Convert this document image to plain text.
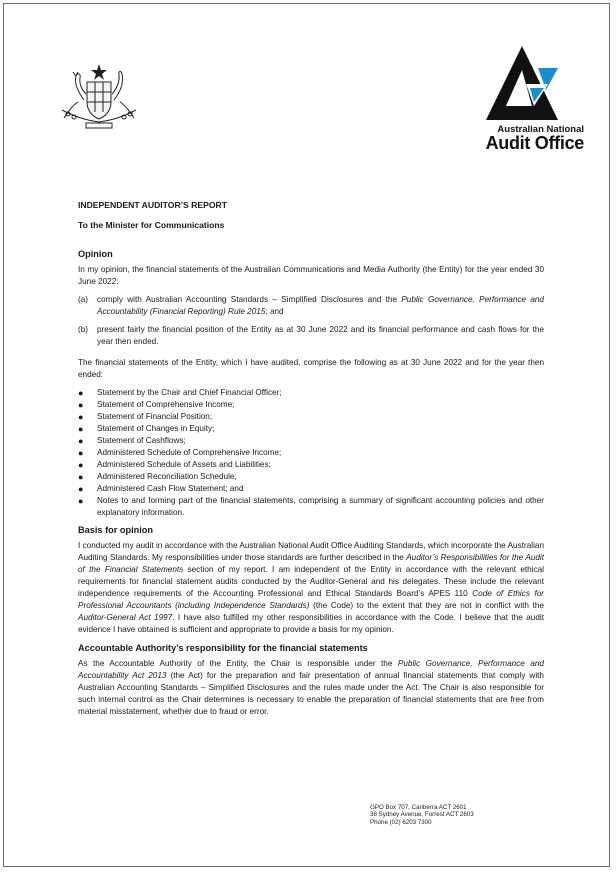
Australian National
Audit Office

INDEPENDENT AUDITOR’S REPORT

To the Minister for Communications

Opinion

In my opinion, the financial statements of the Australian Communications and Media Authority (the Entity) for the year ended 30 June 2022:

(a)	comply with Australian Accounting Standards – Simplified Disclosures and the Public Governance, Performance and Accountability (Financial Reporting) Rule 2015; and
(b)	present fairly the financial position of the Entity as at 30 June 2022 and its financial performance and cash flows for the year then ended.

The financial statements of the Entity, which I have audited, comprise the following as at 30 June 2022 and for the year then ended:

●	Statement by the Chair and Chief Financial Officer;
●	Statement of Comprehensive Income;
●	Statement of Financial Position;
●	Statement of Changes in Equity;
●	Statement of Cashflows;
●	Administered Schedule of Comprehensive Income;
●	Administered Schedule of Assets and Liabilities;
●	Administered Reconciliation Schedule;
●	Administered Cash Flow Statement; and
●	Notes to and forming part of the financial statements, comprising a summary of significant accounting policies and other explanatory information.
Basis for opinion

I conducted my audit in accordance with the Australian National Audit Office Auditing Standards, which incorporate the Australian Auditing Standards. My responsibilities under those standards are further described in the Auditor’s Responsibilities for the Audit of the Financial Statements section of my report. I am independent of the Entity in accordance with the relevant ethical requirements for financial statement audits conducted by the Auditor-General and his delegates. These include the relevant independence requirements of the Accounting Professional and Ethical Standards Board’s APES 110 Code of Ethics for Professional Accountants (including Independence Standards) (the Code) to the extent that they are not in conflict with the Auditor-General Act 1997. I have also fulfilled my other responsibilities in accordance with the Code. I believe that the audit evidence I have obtained is sufficient and appropriate to provide a basis for my opinion.

Accountable Authority’s responsibility for the financial statements

As the Accountable Authority of the Entity, the Chair is responsible under the Public Governance, Performance and Accountability Act 2013 (the Act) for the preparation and fair presentation of annual financial statements that comply with Australian Accounting Standards – Simplified Disclosures and the rules made under the Act. The Chair is also responsible for such internal control as the Chair determines is necessary to enable the preparation of financial statements that are free from material misstatement, whether due to fraud or error.

GPO Box 707, Canberra ACT 2601
38 Sydney Avenue, Forrest ACT 2603
Phone (02) 6203 7300
